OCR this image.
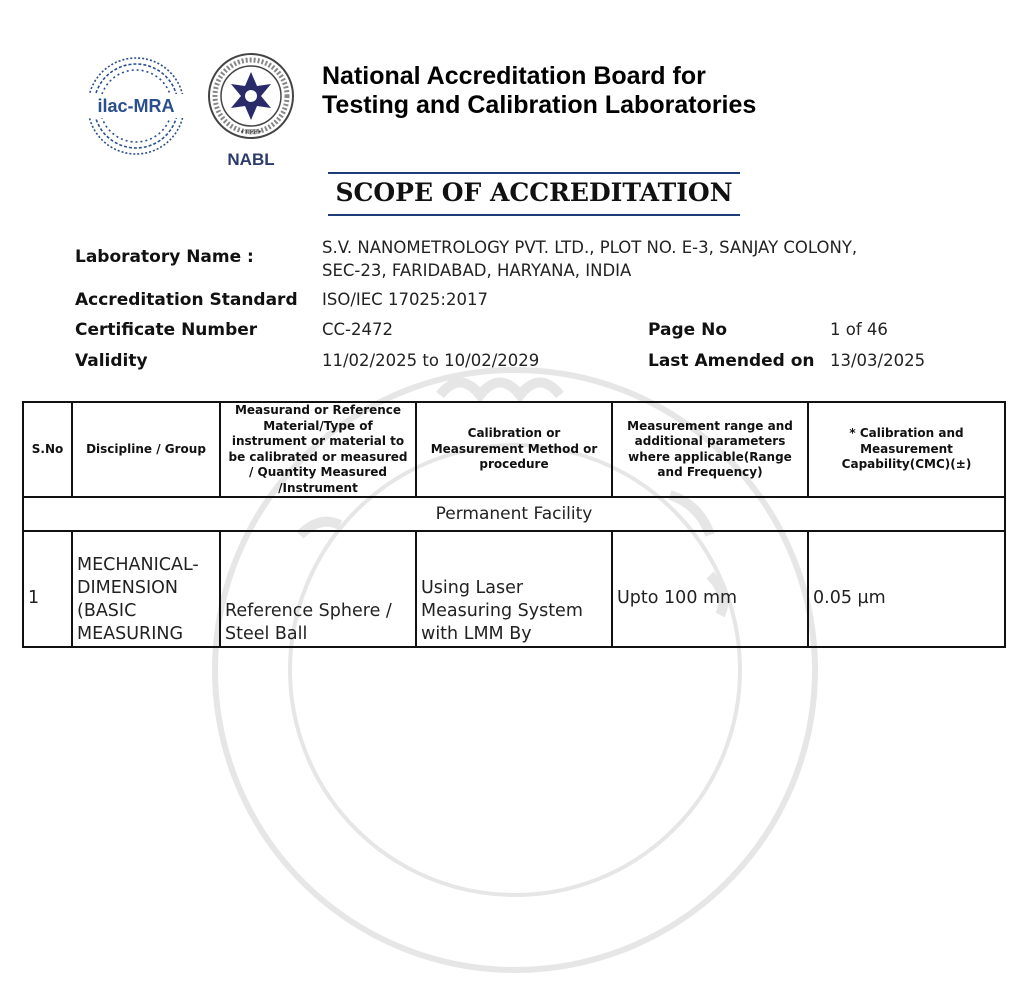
ilac-MRA
•भारत•
NABL
National Accreditation Board for
Testing and Calibration Laboratories
SCOPE OF ACCREDITATION
Laboratory Name :	S.V. NANOMETROLOGY PVT. LTD., PLOT NO. E-3, SANJAY COLONY,
SEC-23, FARIDABAD, HARYANA, INDIA
Accreditation Standard ISO/IEC 17025:2017
Certificate Number	CC-2472	Page No	1 of 46
Validity	11/02/2025 to 10/02/2029	Last Amended on 13/03/2025
S.No	Discipline / Group	Measurand or Reference Material/Type of instrument or material to be calibrated or measured / Quantity Measured /Instrument	Calibration or Measurement Method or procedure	Measurement range and additional parameters where applicable(Range and Frequency)	* Calibration and Measurement Capability(CMC)(±)
Permanent Facility					
1	MECHANICAL- DIMENSION (BASIC MEASURING	Reference Sphere / Steel Ball	Using Laser Measuring System with LMM By	Upto 100 mm	0.05 µm
